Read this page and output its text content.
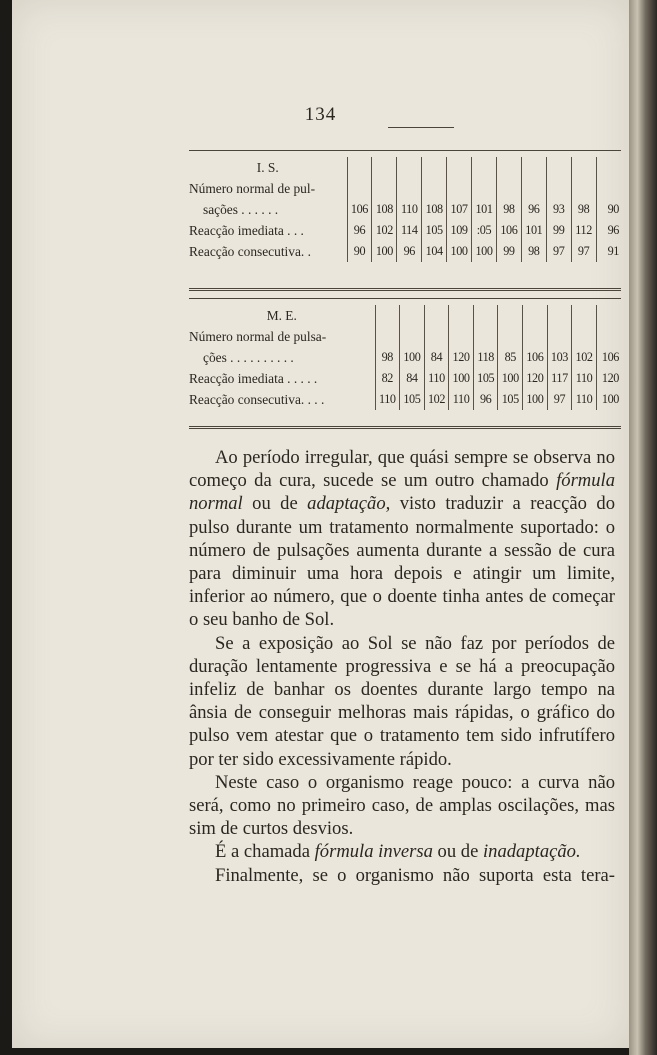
134
I. S.											
Número normal de pul-											
sações . . . . . .	106	108	110	108	107	101	98	96	93	98	90
Reacção imediata . . .	96	102	114	105	109	:05	106	101	99	112	96
Reacção consecutiva. .	90	100	96	104	100	100	99	98	97	97	91
M. E.										
Número normal de pulsa-										
ções . . . . . . . . . .	98	100	84	120	118	85	106	103	102	106
Reacção imediata . . . . .	82	84	110	100	105	100	120	117	110	120
Reacção consecutiva. . . .	110	105	102	110	96	105	100	97	110	100

Ao período irregular, que quási sempre se observa no começo da cura, sucede se um outro chamado fórmula normal ou de adaptação, visto traduzir a reacção do pulso durante um tratamento normalmente suportado: o número de pulsações aumenta durante a sessão de cura para diminuir uma hora depois e atingir um limite, inferior ao número, que o doente tinha antes de começar o seu banho de Sol.

Se a exposição ao Sol se não faz por períodos de duração lentamente progressiva e se há a preocupação infeliz de banhar os doentes durante largo tempo na ânsia de conseguir melhoras mais rápidas, o gráfico do pulso vem atestar que o tratamento tem sido infrutífero por ter sido excessivamente rápido.

Neste caso o organismo reage pouco: a curva não será, como no primeiro caso, de amplas oscilações, mas sim de curtos desvios.

É a chamada fórmula inversa ou de inadaptação.

Finalmente, se o organismo não suporta esta tera-
